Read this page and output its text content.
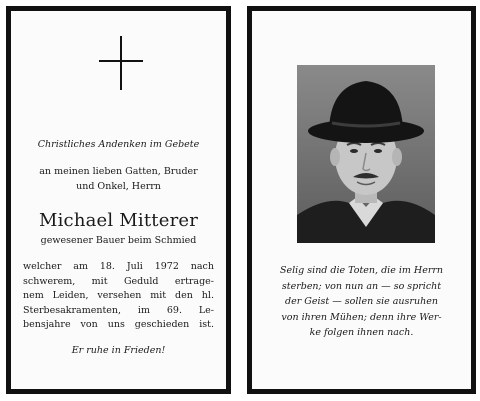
Christliches Andenken im Gebete
an meinen lieben Gatten, Bruder
und Onkel, Herrn
Michael Mitterer
gewesener Bauer beim Schmied
welcher am 18. Juli 1972 nach
schwerem, mit Geduld ertrage-
nem Leiden, versehen mit den hl.
Sterbesakramenten, im 69. Le-
bensjahre von uns geschieden ist.
Er ruhe in Frieden!
Selig sind die Toten, die im Herrn
sterben; von nun an — so spricht
der Geist — sollen sie ausruhen
von ihren Mühen; denn ihre Wer-
ke folgen ihnen nach.
